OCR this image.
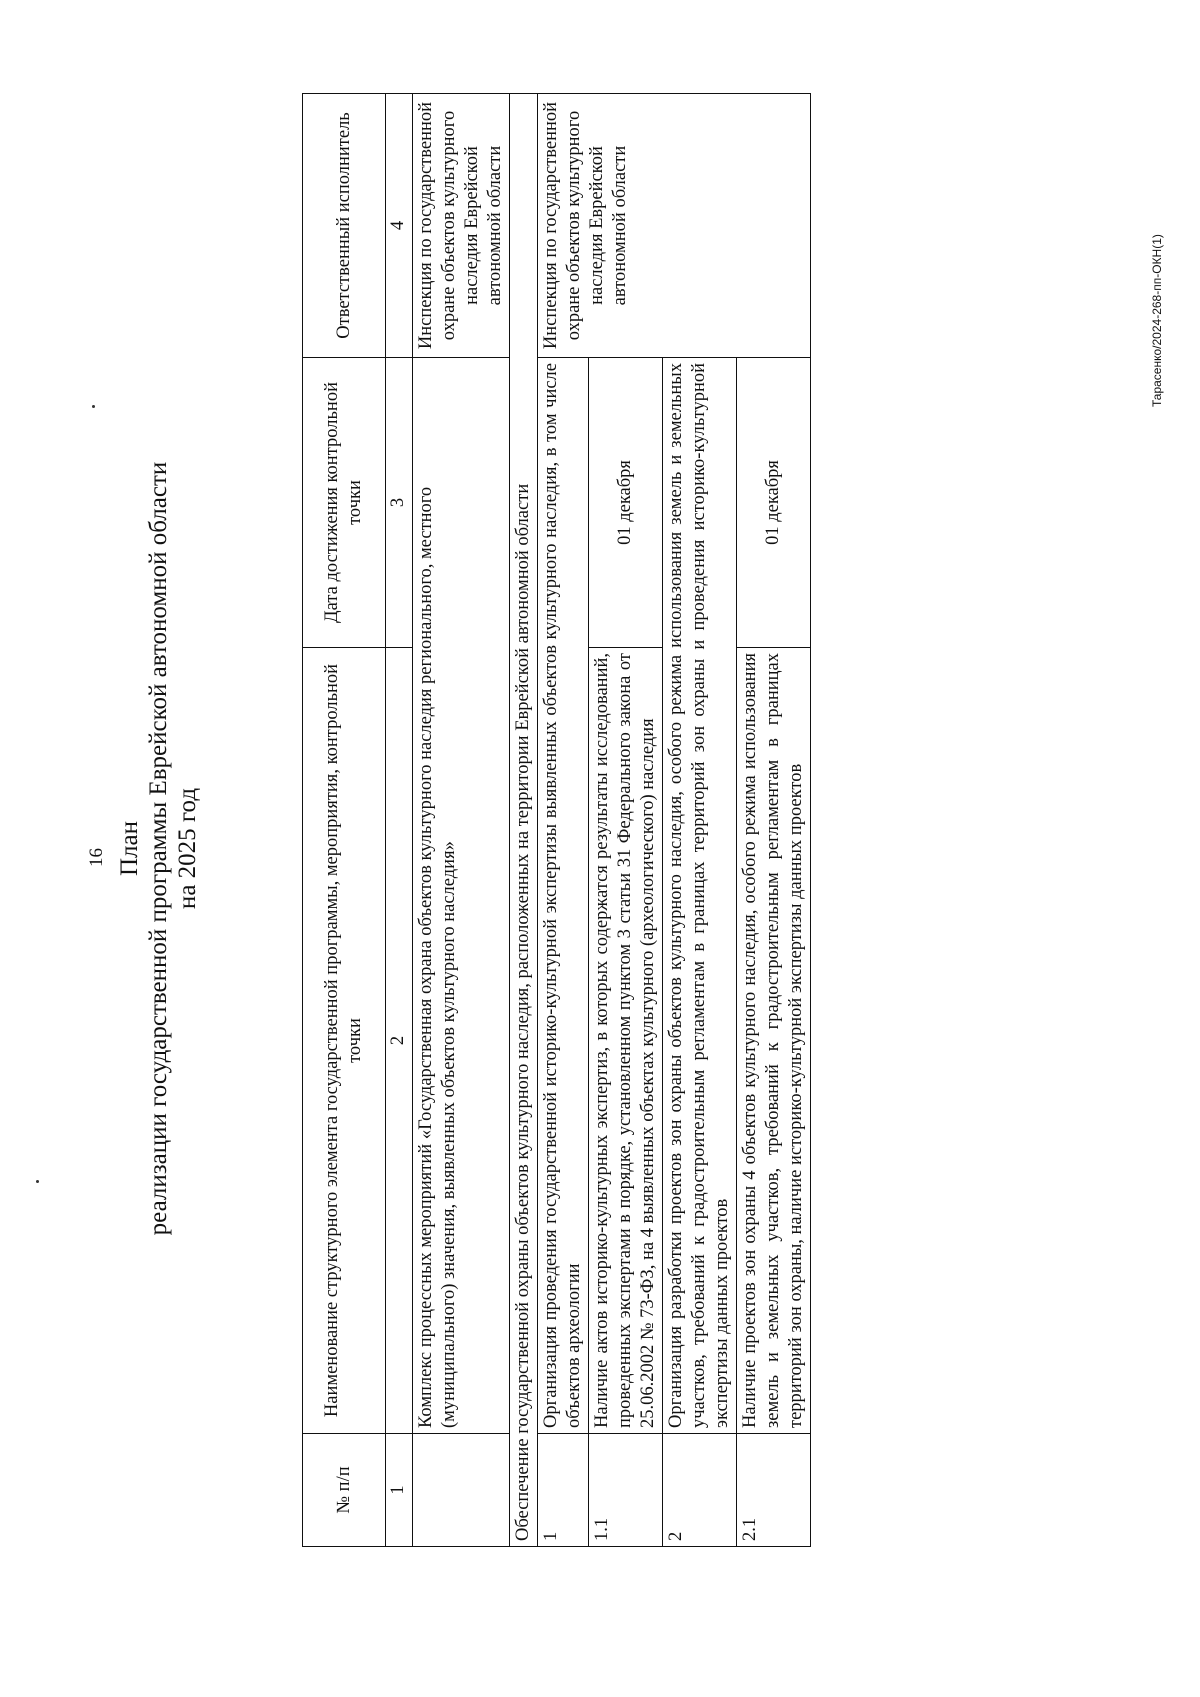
16 План реализации государственной программы Еврейской автономной области на 2025 год
№ п/п	Наименование структурного элемента государственной программы, мероприятия, контрольной точки	Дата достижения контрольной точки	Ответственный исполнитель
1	2	3	4
	Комплекс процессных мероприятий «Государственная охрана объектов культурного наследия регионального, местного (муниципального) значения, выявленных объектов культурного наследия»		Инспекция по государственной охране объектов культурного наследия Еврейской автономной области
Обеспечение государственной охраны объектов культурного наследия, расположенных на территории Еврейской автономной области			
1	Организация проведения государственной историко-культурной экспертизы выявленных объектов культурного наследия, в том числе объектов археологии		Инспекция по государственной охране объектов культурного наследия Еврейской автономной области
1.1	Наличие актов историко-культурных экспертиз, в которых содержатся результаты исследований, проведенных экспертами в порядке, установленном пунктом 3 статьи 31 Федерального закона от 25.06.2002 № 73-ФЗ, на 4 выявленных объектах культурного (археологического) наследия	01 декабря	
2	Организация разработки проектов зон охраны объектов культурного наследия, особого режима использования земель и земельных участков, требований к градостроительным регламентам в границах территорий зон охраны и проведения историко-культурной экспертизы данных проектов		
2.1	Наличие проектов зон охраны 4 объектов культурного наследия, особого режима использования земель и земельных участков, требований к градостроительным регламентам в границах территорий зон охраны, наличие историко-культурной экспертизы данных проектов	01 декабря	
Тарасенко/2024-268-пп-ОКН(1)
